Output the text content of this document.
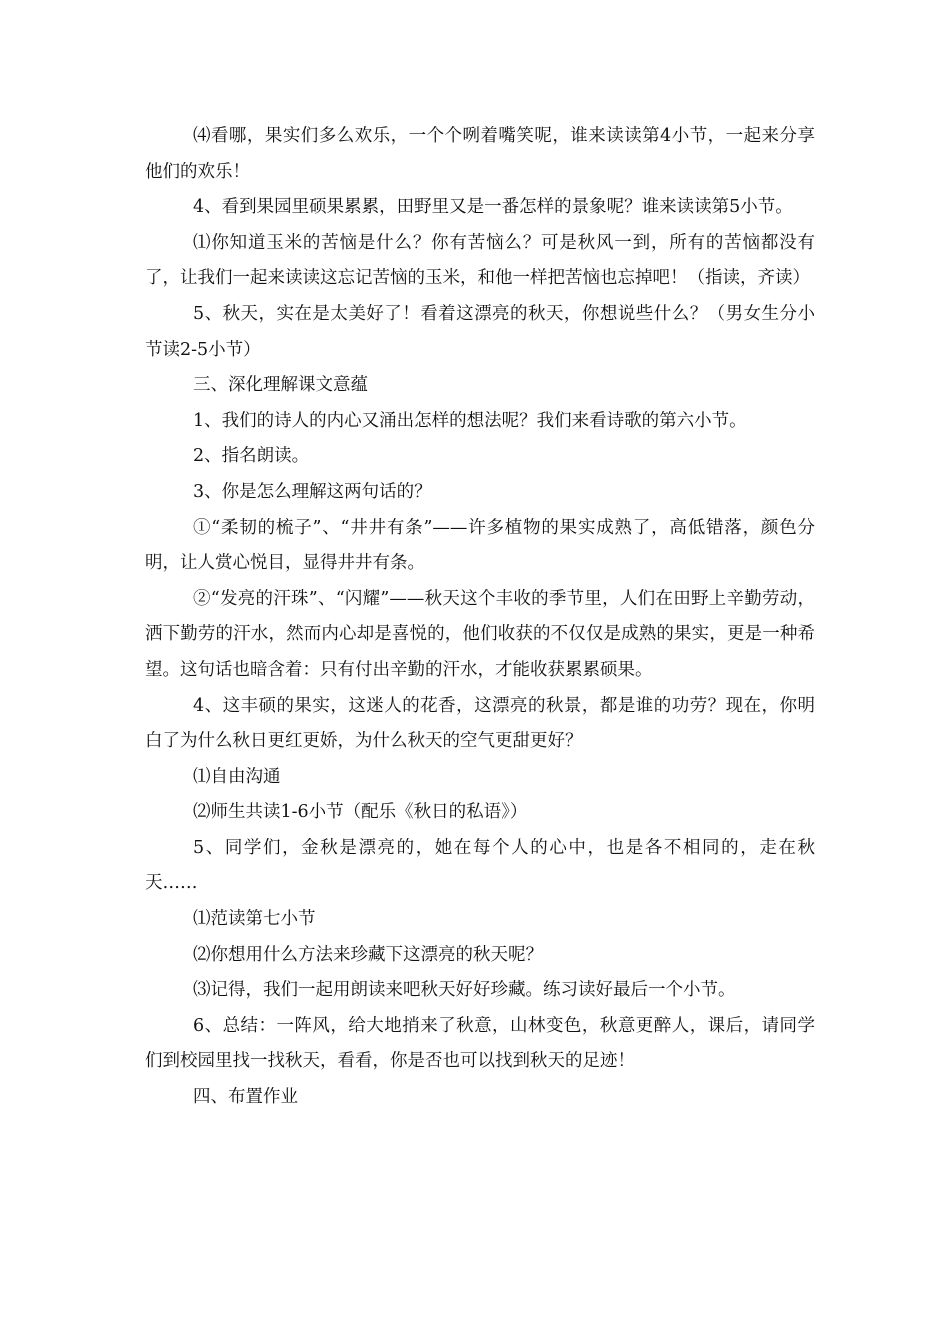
⑷看哪，果实们多么欢乐，一个个咧着嘴笑呢，谁来读读第4小节，一起来分享他们的欢乐！

4、看到果园里硕果累累，田野里又是一番怎样的景象呢？谁来读读第5小节。

⑴你知道玉米的苦恼是什么？你有苦恼么？可是秋风一到，所有的苦恼都没有了，让我们一起来读读这忘记苦恼的玉米，和他一样把苦恼也忘掉吧！（指读，齐读）

5、秋天，实在是太美好了！看着这漂亮的秋天，你想说些什么？（男女生分小节读2-5小节）

三、深化理解课文意蕴

1、我们的诗人的内心又涌出怎样的想法呢？我们来看诗歌的第六小节。

2、指名朗读。

3、你是怎么理解这两句话的？

①“柔韧的梳子”、“井井有条”——许多植物的果实成熟了，高低错落，颜色分明，让人赏心悦目，显得井井有条。

②“发亮的汗珠”、“闪耀”——秋天这个丰收的季节里，人们在田野上辛勤劳动，洒下勤劳的汗水，然而内心却是喜悦的，他们收获的不仅仅是成熟的果实，更是一种希望。这句话也暗含着：只有付出辛勤的汗水，才能收获累累硕果。

4、这丰硕的果实，这迷人的花香，这漂亮的秋景，都是谁的功劳？现在，你明白了为什么秋日更红更娇，为什么秋天的空气更甜更好？

⑴自由沟通

⑵师生共读1-6小节（配乐《秋日的私语》）

5、同学们，金秋是漂亮的，她在每个人的心中，也是各不相同的，走在秋天……

⑴范读第七小节

⑵你想用什么方法来珍藏下这漂亮的秋天呢？

⑶记得，我们一起用朗读来吧秋天好好珍藏。练习读好最后一个小节。

6、总结：一阵风，给大地捎来了秋意，山林变色，秋意更醉人，课后，请同学们到校园里找一找秋天，看看，你是否也可以找到秋天的足迹！

四、布置作业
